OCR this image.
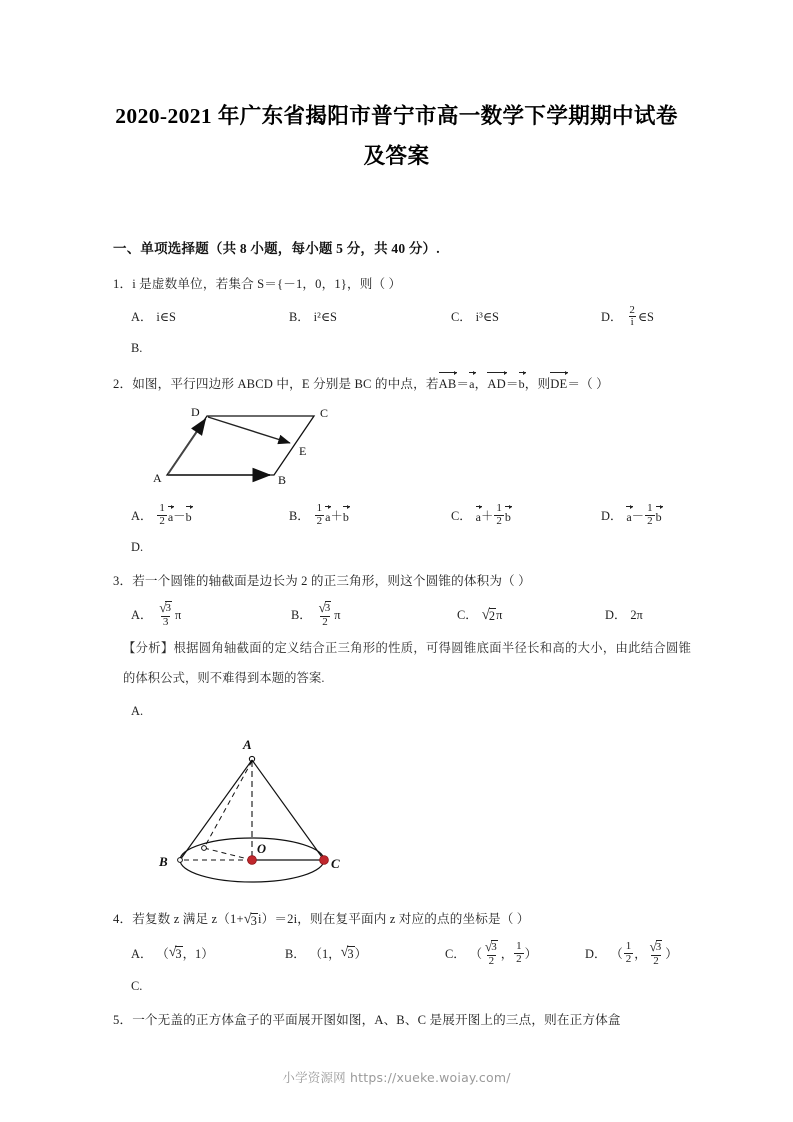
2020-2021 年广东省揭阳市普宁市高一数学下学期期中试卷
及答案

一、单项选择题（共 8 小题，每小题 5 分，共 40 分）.

1．i 是虚数单位，若集合 S＝{－1，0，1}，则（ ）

A． i∈S	B． i²∈S	C． i³∈S	D． $\frac{2}{i}$ ∈S

B.

2．如图，平行四边形 ABCD 中，E 分别是 BC 的中点，若AB＝a，AD＝b，则DE＝（ ）

A	B
C
D
E
A． $\frac{1}{2}$ a － b	B． $\frac{1}{2}$ a ＋ b	C． $a + \frac{1}{2}$ b	D． $a - \frac{1}{2}$ b

D.

3．若一个圆锥的轴截面是边长为 2 的正三角形，则这个圆锥的体积为（ ）

A． $\frac{√ 3}{3}$ π	B． $\frac{√ 3}{2}$ π	C． √ 2 π	D． 2π

【分析】根据圆角轴截面的定义结合正三角形的性质，可得圆锥底面半径长和高的大小，由此结合圆锥的体积公式，则不难得到本题的答案.

A.

A
B	C
O

4．若复数 z 满足 z（1+ √ 3 i）＝2i，则在复平面内 z 对应的点的坐标是（ ）

A． （ √ 3 ， 1 ）	B． （ 1 ， √ 3 ）	C． （ $\frac{√ 3}{2}$ ， $\frac{1}{2}$ ）	D． （ $\frac{1}{2}$ ， $\frac{√ 3}{2}$ ）

C.

5．一个无盖的正方体盒子的平面展开图如图，A、B、C 是展开图上的三点，则在正方体盒

小学资源网 https://xueke.woiay.com/
